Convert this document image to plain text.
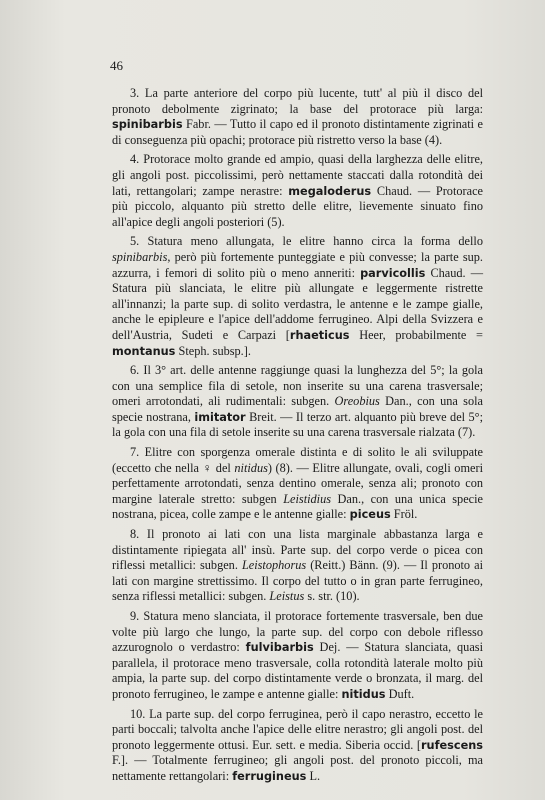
46

3. La parte anteriore del corpo più lucente, tutt' al più il disco del pronoto debolmente zigrinato; la base del protorace più larga: spinibarbis Fabr. — Tutto il capo ed il pronoto distintamente zigrinati e di conseguenza più opachi; protorace più ristretto verso la base (4).

4. Protorace molto grande ed ampio, quasi della larghezza delle elitre, gli angoli post. piccolissimi, però nettamente staccati dalla rotondità dei lati, rettangolari; zampe nerastre: megaloderus Chaud. — Protorace più piccolo, alquanto più stretto delle elitre, lievemente sinuato fino all'apice degli angoli posteriori (5).

5. Statura meno allungata, le elitre hanno circa la forma dello spinibarbis, però più fortemente punteggiate e più convesse; la parte sup. azzurra, i femori di solito più o meno anneriti: parvicollis Chaud. — Statura più slanciata, le elitre più allungate e leggermente ristrette all'innanzi; la parte sup. di solito verdastra, le antenne e le zampe gialle, anche le epipleure e l'apice dell'addome ferrugineo. Alpi della Svizzera e dell'Austria, Sudeti e Carpazi [rhaeticus Heer, probabilmente = montanus Steph. subsp.].

6. Il 3° art. delle antenne raggiunge quasi la lunghezza del 5°; la gola con una semplice fila di setole, non inserite su una carena trasversale; omeri arrotondati, ali rudimentali: subgen. Oreobius Dan., con una sola specie nostrana, imitator Breit. — Il terzo art. alquanto più breve del 5°; la gola con una fila di setole inserite su una carena trasversale rialzata (7).

7. Elitre con sporgenza omerale distinta e di solito le ali sviluppate (eccetto che nella ♀ del nitidus) (8). — Elitre allungate, ovali, cogli omeri perfettamente arrotondati, senza dentino omerale, senza ali; pronoto con margine laterale stretto: subgen Leistidius Dan., con una unica specie nostrana, picea, colle zampe e le antenne gialle: piceus Fröl.

8. Il pronoto ai lati con una lista marginale abbastanza larga e distintamente ripiegata all' insù. Parte sup. del corpo verde o picea con riflessi metallici: subgen. Leistophorus (Reitt.) Bänn. (9). — Il pronoto ai lati con margine strettissimo. Il corpo del tutto o in gran parte ferrugineo, senza riflessi metallici: subgen. Leistus s. str. (10).

9. Statura meno slanciata, il protorace fortemente trasversale, ben due volte più largo che lungo, la parte sup. del corpo con debole riflesso azzurognolo o verdastro: fulvibarbis Dej. — Statura slanciata, quasi parallela, il protorace meno trasversale, colla rotondità laterale molto più ampia, la parte sup. del corpo distintamente verde o bronzata, il marg. del pronoto ferrugineo, le zampe e antenne gialle: nitidus Duft.

10. La parte sup. del corpo ferruginea, però il capo nerastro, eccetto le parti boccali; talvolta anche l'apice delle elitre nerastro; gli angoli post. del pronoto leggermente ottusi. Eur. sett. e media. Siberia occid. [rufescens F.]. — Totalmente ferrugineo; gli angoli post. del pronoto piccoli, ma nettamente rettangolari: ferrugineus L.
